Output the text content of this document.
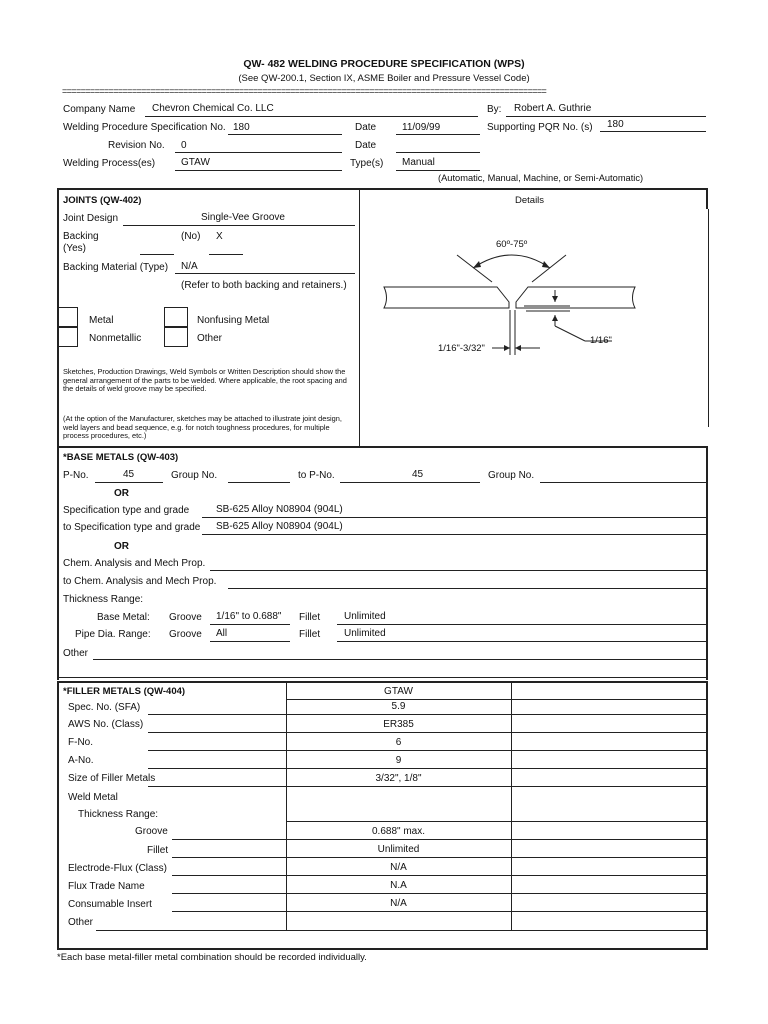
QW- 482 WELDING PROCEDURE SPECIFICATION (WPS)
(See QW-200.1, Section IX, ASME Boiler and Pressure Vessel Code)
========================================================================================================
Company Name Chevron Chemical Co. LLC	By: Robert A. Guthrie
Welding Procedure Specification No. 180	Date	11/09/99	Supporting PQR No. (s) 180
Revision No. 0	Date
Welding Process(es)	GTAW	Type(s) Manual
(Automatic, Manual, Machine, or Semi-Automatic)
JOINTS (QW-402)	Details
Joint Design	Single-Vee Groove
Backing	(No) X
(Yes)
Backing Material (Type) N/A
(Refer to both backing and retainers.)
Metal
Nonmetallic
Nonfusing Metal
Other
Sketches, Production Drawings, Weld Symbols or Written Description should show the general arrangement of the parts to be welded. Where applicable, the root spacing and the details of weld groove may be specified.
(At the option of the Manufacturer, sketches may be attached to illustrate joint design, weld layers and bead sequence, e.g. for notch toughness procedures, for multiple process procedures, etc.)
60º-75º
1/16"-3/32"
1/16"
*BASE METALS (QW-403)
P-No.	45	Group No.	to P-No.	45	Group No.
OR
Specification type and grade	SB-625 Alloy N08904 (904L)
to Specification type and grade SB-625 Alloy N08904 (904L)
OR
Chem. Analysis and Mech Prop.
to Chem. Analysis and Mech Prop.
Thickness Range:
Base Metal: Groove 1/16" to 0.688" Fillet Unlimited
Pipe Dia. Range: Groove All	Fillet Unlimited
Other
*FILLER METALS (QW-404)	GTAW
Spec. No. (SFA)	5.9
AWS No. (Class)	ER385
F-No.	6
A-No.	9
Size of Filler Metals	3/32", 1/8"
Weld Metal
Thickness Range:
Groove	0.688" max.
Fillet	Unlimited
Electrode-Flux (Class)	N/A
Flux Trade Name	N.A
Consumable Insert	N/A
Other
*Each base metal-filler metal combination should be recorded individually.
